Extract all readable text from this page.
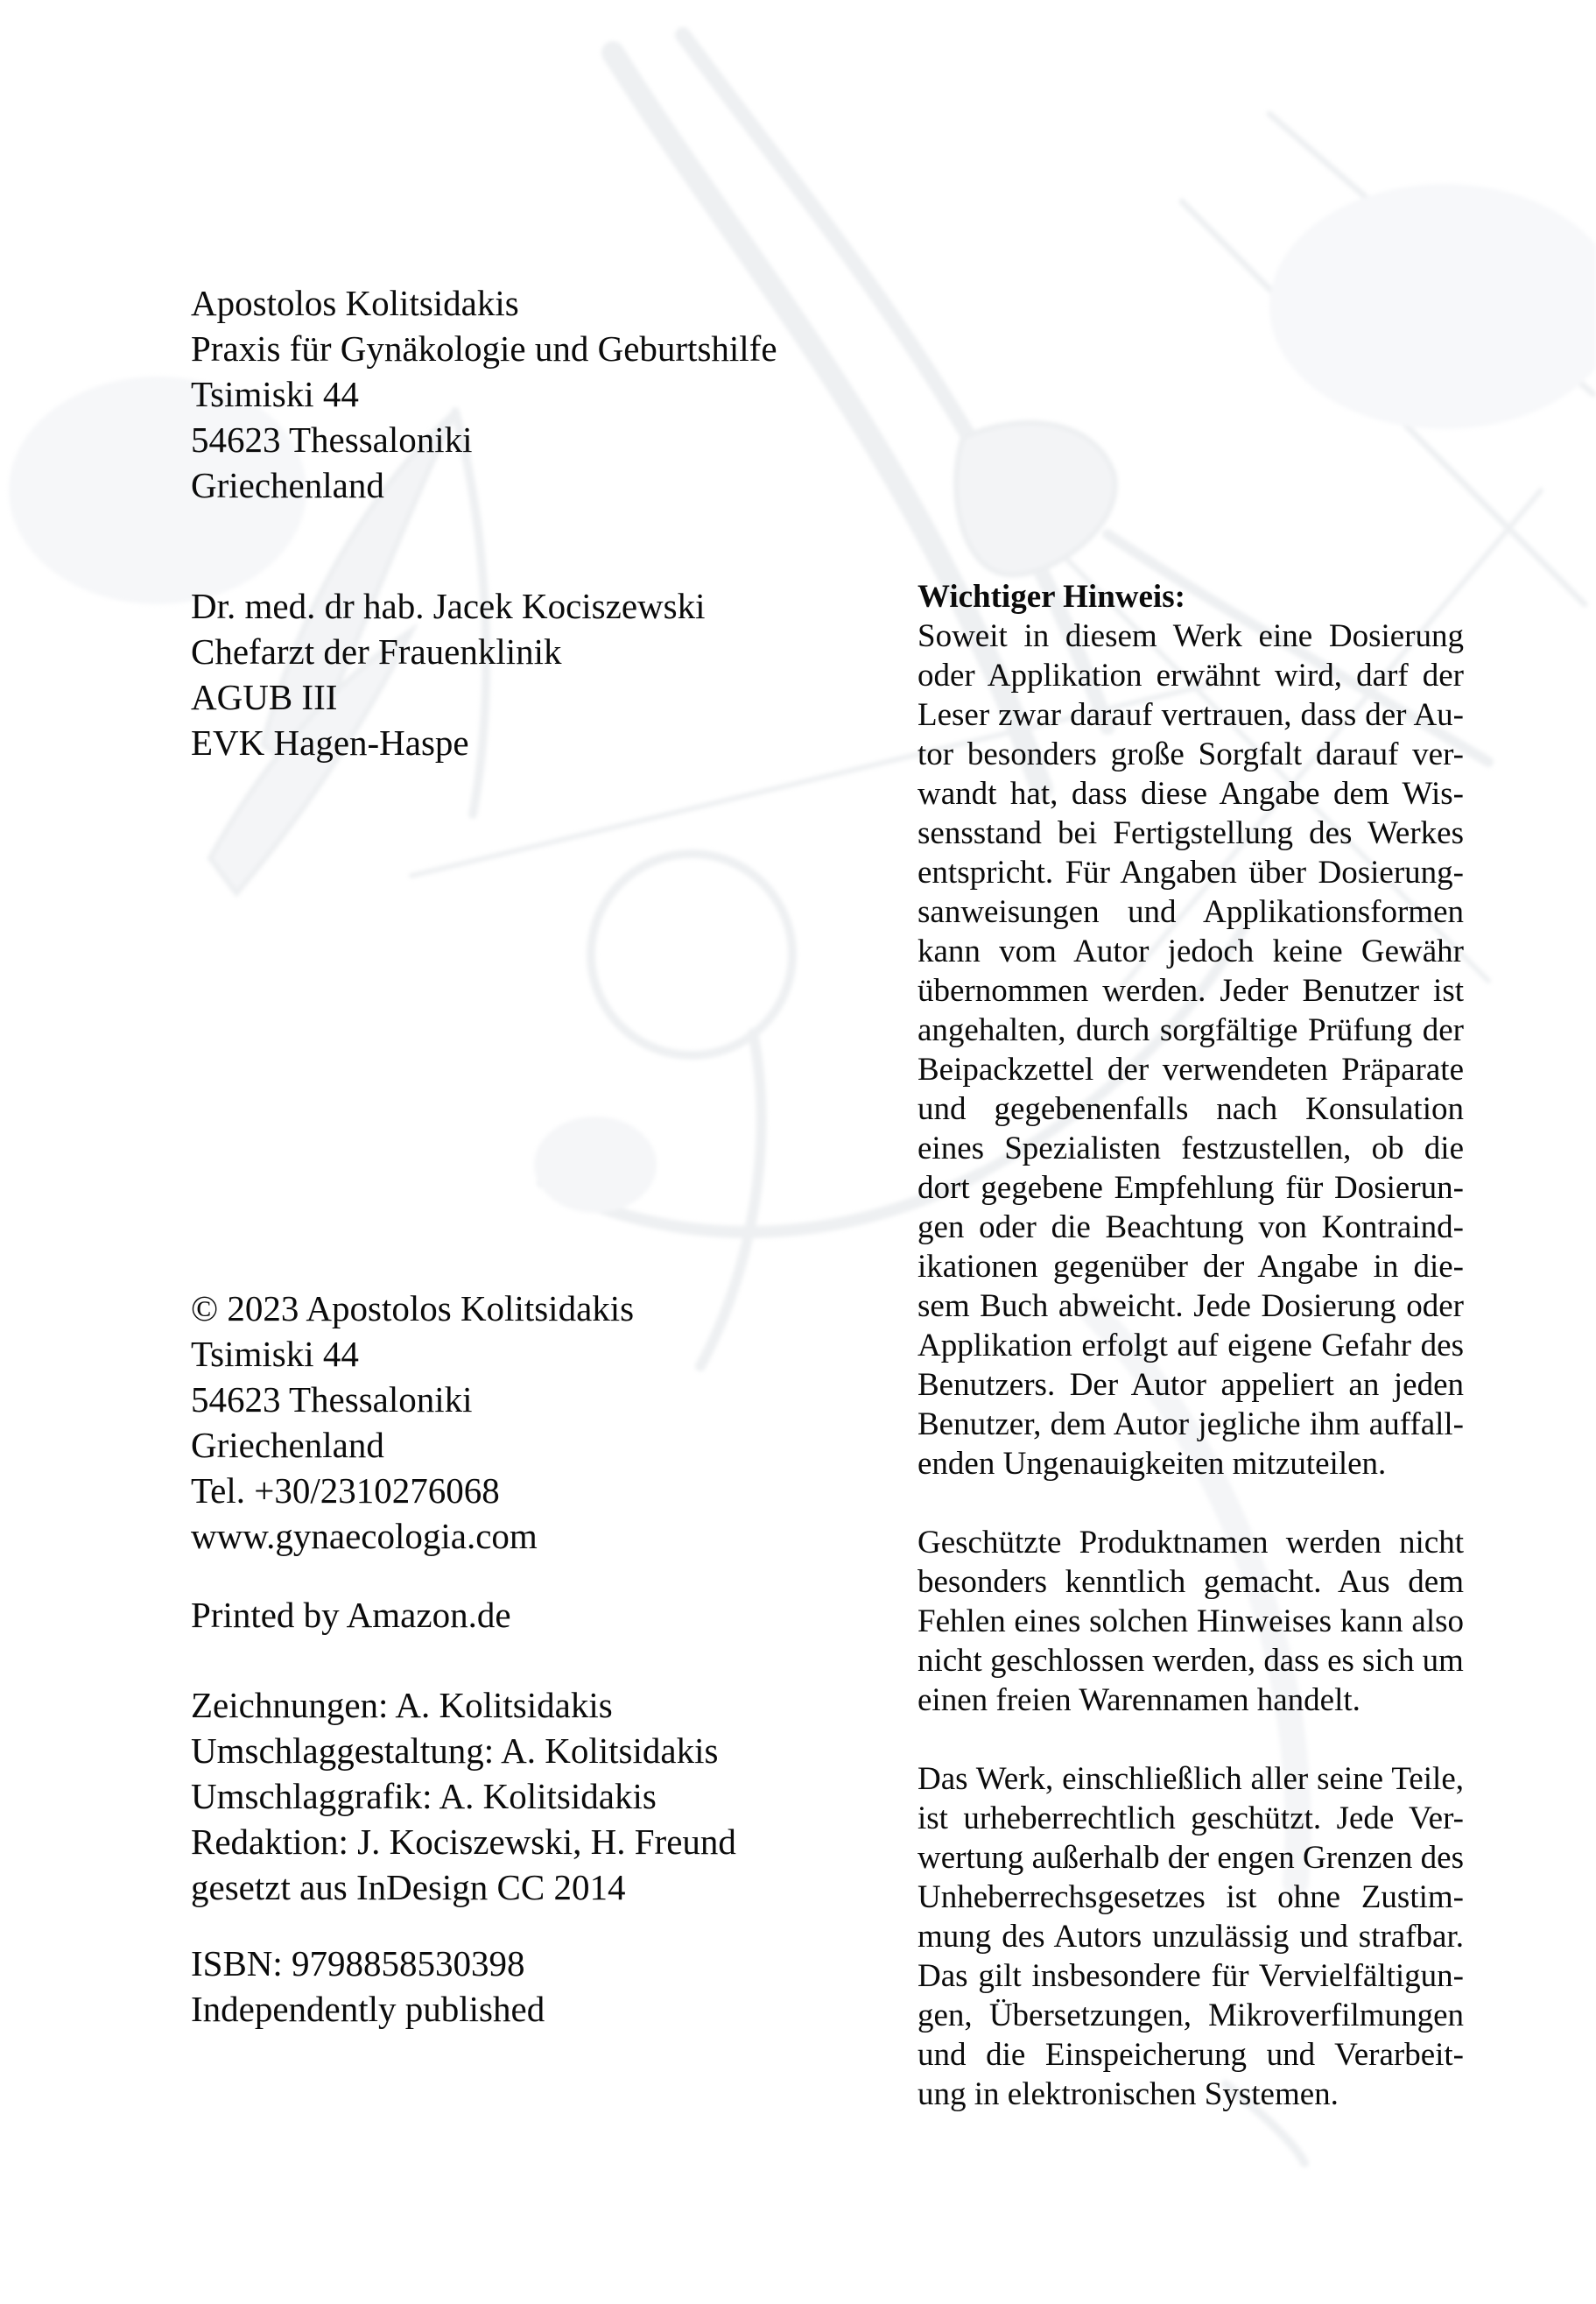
Apostolos Kolitsidakis
Praxis für Gynäkologie und Geburtshilfe
Tsimiski 44
54623 Thessaloniki
Griechenland
Dr. med. dr hab. Jacek Kociszewski
Chefarzt der Frauenklinik
AGUB III
EVK Hagen-Haspe
© 2023 Apostolos Kolitsidakis
Tsimiski 44
54623 Thessaloniki
Griechenland
Tel. +30/2310276068
www.gynaecologia.com
Printed by Amazon.de
Zeichnungen: A. Kolitsidakis
Umschlaggestaltung: A. Kolitsidakis
Umschlaggrafik: A. Kolitsidakis
Redaktion: J. Kociszewski, H. Freund
gesetzt aus InDesign CC 2014
ISBN: 9798858530398
Independently published
Wichtiger Hinweis:
Soweit in diesem Werk eine Dosierung
oder Applikation erwähnt wird, darf der
Leser zwar darauf vertrauen, dass der Au-
tor besonders große Sorgfalt darauf ver-
wandt hat, dass diese Angabe dem Wis-
sensstand bei Fertigstellung des Werkes
entspricht. Für Angaben über Dosierung-
sanweisungen und Applikationsformen
kann vom Autor jedoch keine Gewähr
übernommen werden. Jeder Benutzer ist
angehalten, durch sorgfältige Prüfung der
Beipackzettel der verwendeten Präparate
und gegebenenfalls nach Konsulation
eines Spezialisten festzustellen, ob die
dort gegebene Empfehlung für Dosierun-
gen oder die Beachtung von Kontraind-
ikationen gegenüber der Angabe in die-
sem Buch abweicht. Jede Dosierung oder
Applikation erfolgt auf eigene Gefahr des
Benutzers. Der Autor appeliert an jeden
Benutzer, dem Autor jegliche ihm auffall-
enden Ungenauigkeiten mitzuteilen.
Geschützte Produktnamen werden nicht
besonders kenntlich gemacht. Aus dem
Fehlen eines solchen Hinweises kann also
nicht geschlossen werden, dass es sich um
einen freien Warennamen handelt.
Das Werk, einschließlich aller seine Teile,
ist urheberrechtlich geschützt. Jede Ver-
wertung außerhalb der engen Grenzen des
Unheberrechsgesetzes ist ohne Zustim-
mung des Autors unzulässig und strafbar.
Das gilt insbesondere für Vervielfältigun-
gen, Übersetzungen, Mikroverfilmungen
und die Einspeicherung und Verarbeit-
ung in elektronischen Systemen.
